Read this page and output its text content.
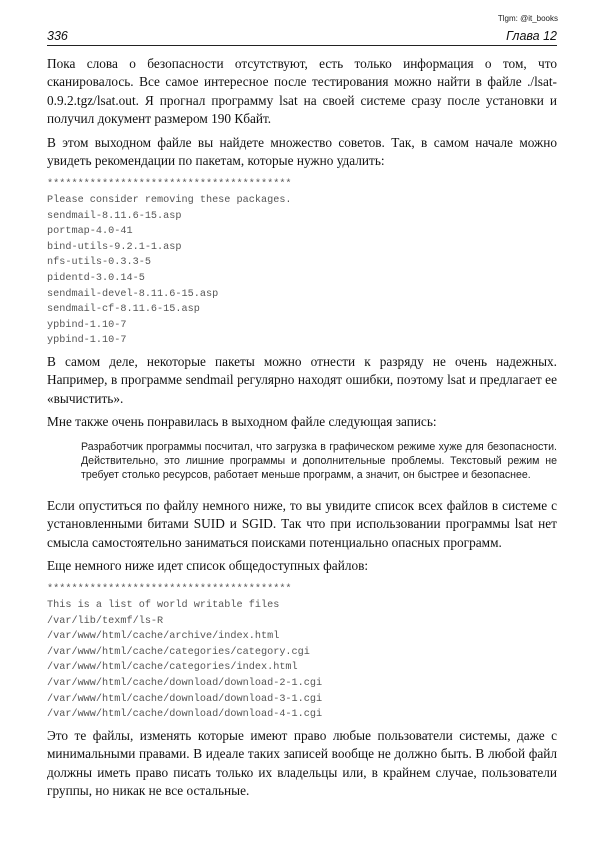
Tlgm: @it_books
336	Глава 12

Пока слова о безопасности отсутствуют, есть только информация о том, что сканировалось. Все самое интересное после тестирования можно найти в файле ./lsat-0.9.2.tgz/lsat.out. Я прогнал программу lsat на своей системе сразу после установки и получил документ размером 190 Кбайт.

В этом выходном файле вы найдете множество советов. Так, в самом начале можно увидеть рекомендации по пакетам, которые нужно удалить:

****************************************
Please consider removing these packages.
sendmail-8.11.6-15.asp
portmap-4.0-41
bind-utils-9.2.1-1.asp
nfs-utils-0.3.3-5
pidentd-3.0.14-5
sendmail-devel-8.11.6-15.asp
sendmail-cf-8.11.6-15.asp
ypbind-1.10-7
ypbind-1.10-7

В самом деле, некоторые пакеты можно отнести к разряду не очень надежных. Например, в программе sendmail регулярно находят ошибки, поэтому lsat и предлагает ее «вычистить».

Мне также очень понравилась в выходном файле следующая запись:

Разработчик программы посчитал, что загрузка в графическом режиме хуже для безопасности. Действительно, это лишние программы и дополнительные проблемы. Текстовый режим не требует столько ресурсов, работает меньше программ, а значит, он быстрее и безопаснее.

Если опуститься по файлу немного ниже, то вы увидите список всех файлов в системе с установленными битами SUID и SGID. Так что при использовании программы lsat нет смысла самостоятельно заниматься поисками потенциально опасных программ.

Еще немного ниже идет список общедоступных файлов:

****************************************
This is a list of world writable files
/var/lib/texmf/ls-R
/var/www/html/cache/archive/index.html
/var/www/html/cache/categories/category.cgi
/var/www/html/cache/categories/index.html
/var/www/html/cache/download/download-2-1.cgi
/var/www/html/cache/download/download-3-1.cgi
/var/www/html/cache/download/download-4-1.cgi

Это те файлы, изменять которые имеют право любые пользователи системы, даже с минимальными правами. В идеале таких записей вообще не должно быть. В любой файл должны иметь право писать только их владельцы или, в крайнем случае, пользователи группы, но никак не все остальные.
